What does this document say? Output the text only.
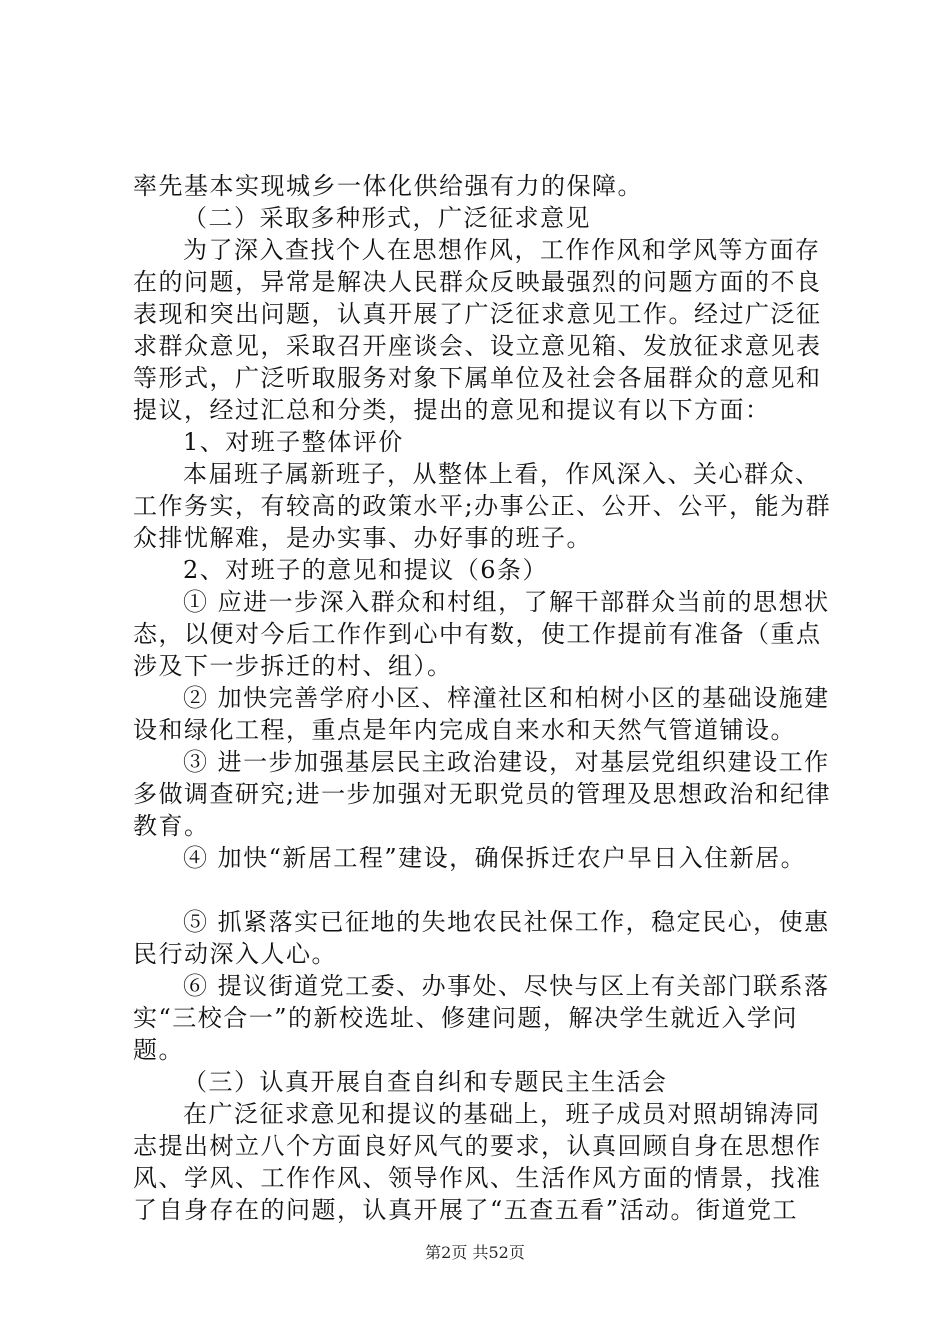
率先基本实现城乡一体化供给强有力的保障。
（二）采取多种形式，广泛征求意见
为了深入查找个人在思想作风，工作作风和学风等方面存
在的问题，异常是解决人民群众反映最强烈的问题方面的不良
表现和突出问题，认真开展了广泛征求意见工作。经过广泛征
求群众意见，采取召开座谈会、设立意见箱、发放征求意见表
等形式，广泛听取服务对象下属单位及社会各届群众的意见和
提议，经过汇总和分类，提出的意见和提议有以下方面：
1、对班子整体评价
本届班子属新班子，从整体上看，作风深入、关心群众、
工作务实，有较高的政策水平;办事公正、公开、公平，能为群
众排忧解难，是办实事、办好事的班子。
2、对班子的意见和提议（6条）
① 应进一步深入群众和村组，了解干部群众当前的思想状
态，以便对今后工作作到心中有数，使工作提前有准备（重点
涉及下一步拆迁的村、组）。
② 加快完善学府小区、梓潼社区和柏树小区的基础设施建
设和绿化工程，重点是年内完成自来水和天然气管道铺设。
③ 进一步加强基层民主政治建设，对基层党组织建设工作
多做调查研究;进一步加强对无职党员的管理及思想政治和纪律
教育。
④ 加快“新居工程”建设，确保拆迁农户早日入住新居。
⑤ 抓紧落实已征地的失地农民社保工作，稳定民心，使惠
民行动深入人心。
⑥ 提议街道党工委、办事处、尽快与区上有关部门联系落
实“三校合一”的新校选址、修建问题，解决学生就近入学问
题。
（三）认真开展自查自纠和专题民主生活会
在广泛征求意见和提议的基础上，班子成员对照胡锦涛同
志提出树立八个方面良好风气的要求，认真回顾自身在思想作
风、学风、工作作风、领导作风、生活作风方面的情景，找准
了自身存在的问题，认真开展了“五查五看”活动。街道党工
第2页 共52页
